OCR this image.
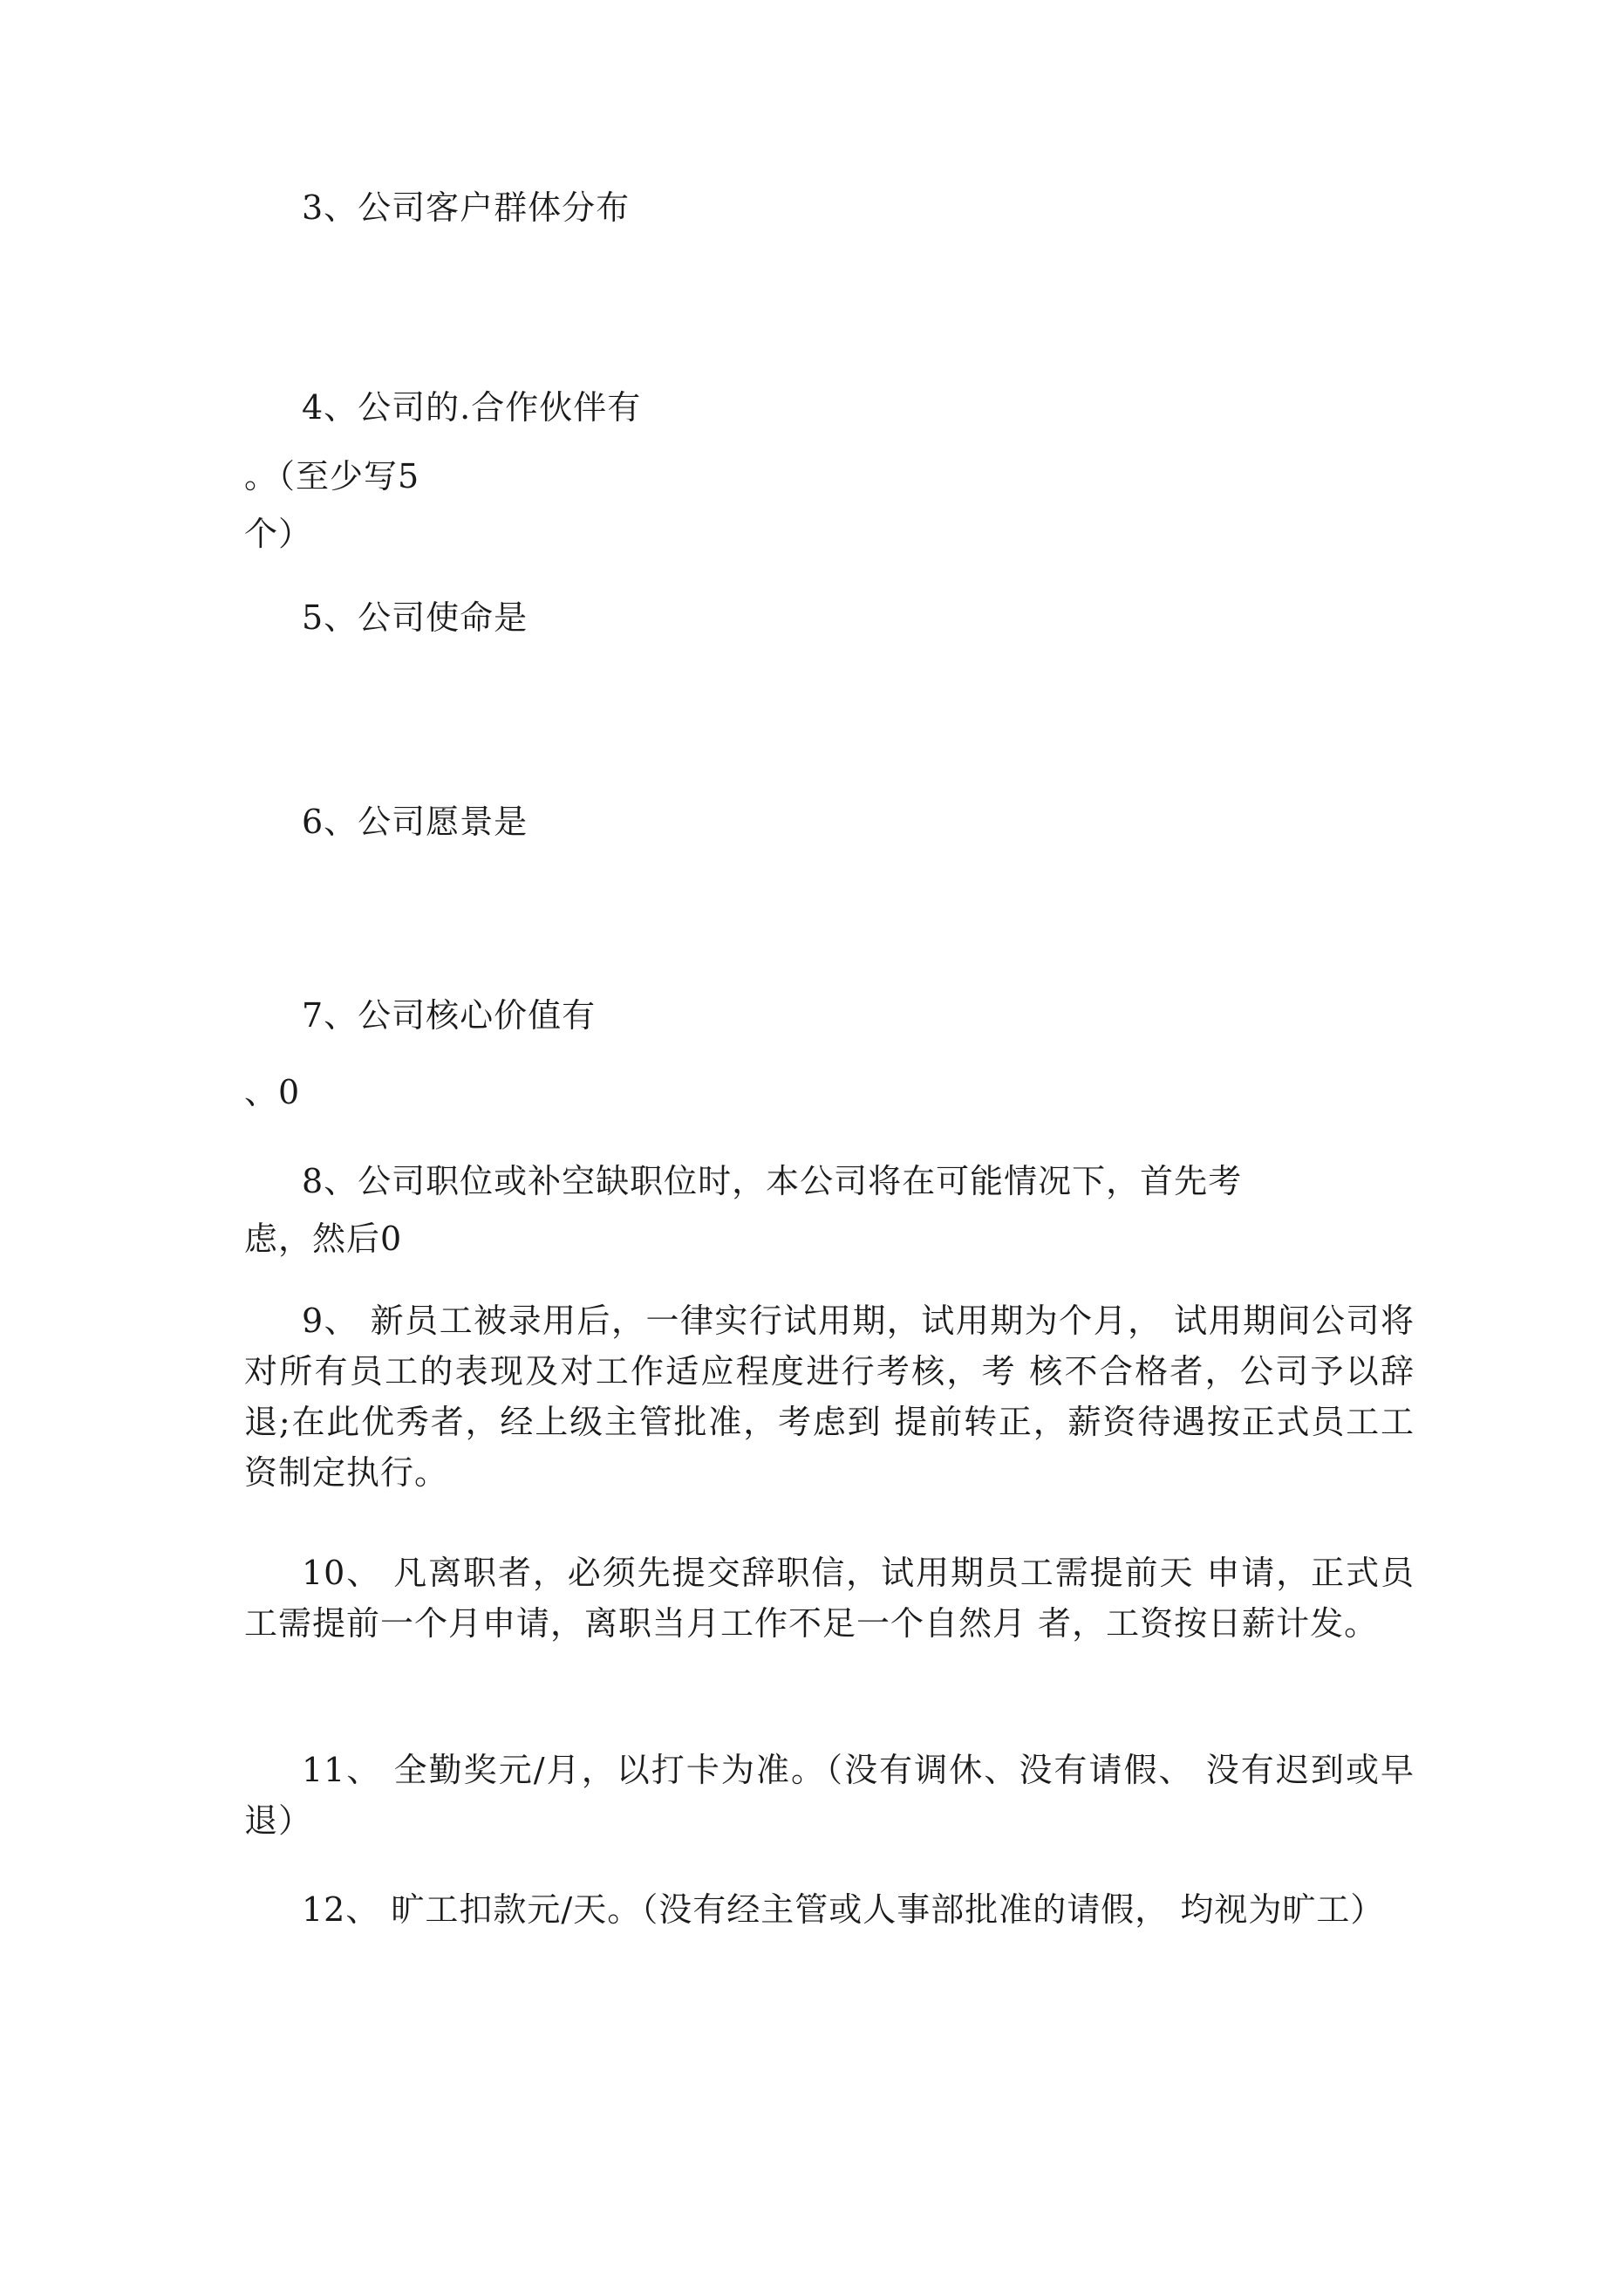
3、公司客户群体分布
4、公司的.合作伙伴有
。（至少写5
个）
5、公司使命是
6、公司愿景是
7、公司核心价值有
、0
8、公司职位或补空缺职位时，本公司将在可能情况下，首先考
虑，然后0
9、 新员工被录用后，一律实行试用期，试用期为个月， 试用期间公司将对所有员工的表现及对工作适应程度进行考核，考 核不合格者，公司予以辞退;在此优秀者，经上级主管批准，考虑到 提前转正，薪资待遇按正式员工工资制定执行。
10、 凡离职者，必须先提交辞职信，试用期员工需提前天 申请，正式员工需提前一个月申请，离职当月工作不足一个自然月 者，工资按日薪计发。
11、 全勤奖元/月，以打卡为准。（没有调休、没有请假、 没有迟到或早退）
12、 旷工扣款元/天。（没有经主管或人事部批准的请假， 均视为旷工）
